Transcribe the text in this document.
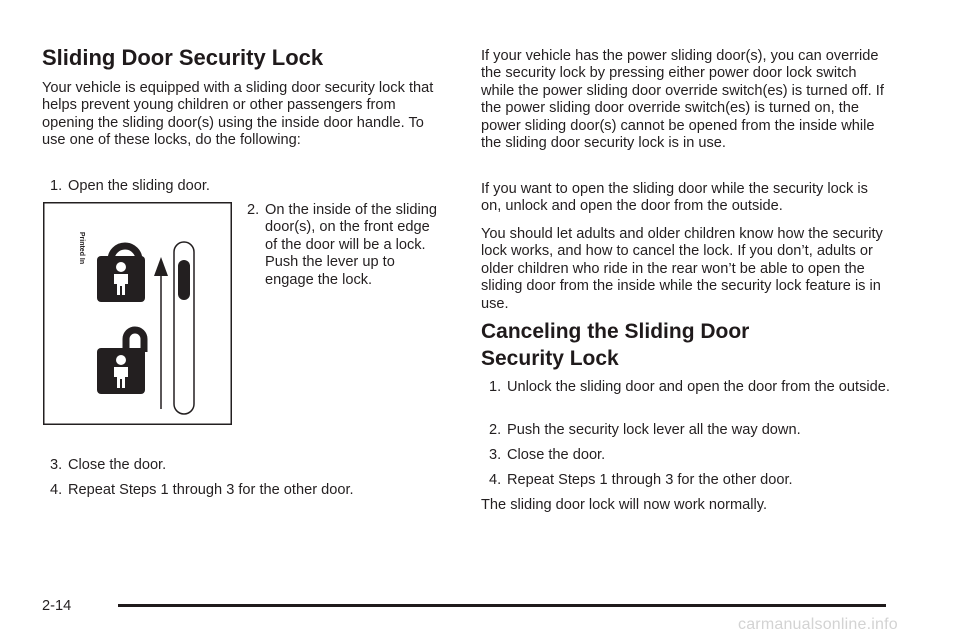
Sliding Door Security Lock

Your vehicle is equipped with a sliding door security lock that helps prevent young children or other passengers from opening the sliding door(s) using the inside door handle. To use one of these locks, do the following:

1. Open the sliding door.
Printed In
2. On the inside of the sliding door(s), on the front edge of the door will be a lock. Push the lever up to engage the lock.
3. Close the door.
4. Repeat Steps 1 through 3 for the other door.

If your vehicle has the power sliding door(s), you can override the security lock by pressing either power door lock switch while the power sliding door override switch(es) is turned off. If the power sliding door override switch(es) is turned on, the power sliding door(s) cannot be opened from the inside while the sliding door security lock is in use.

If you want to open the sliding door while the security lock is on, unlock and open the door from the outside.

You should let adults and older children know how the security lock works, and how to cancel the lock. If you don’t, adults or older children who ride in the rear won’t be able to open the sliding door from the inside while the security lock feature is in use.

Canceling the Sliding Door Security Lock
1. Unlock the sliding door and open the door from the outside.
2. Push the security lock lever all the way down.
3. Close the door.
4. Repeat Steps 1 through 3 for the other door.

The sliding door lock will now work normally.

2-14
carmanualsonline.info
